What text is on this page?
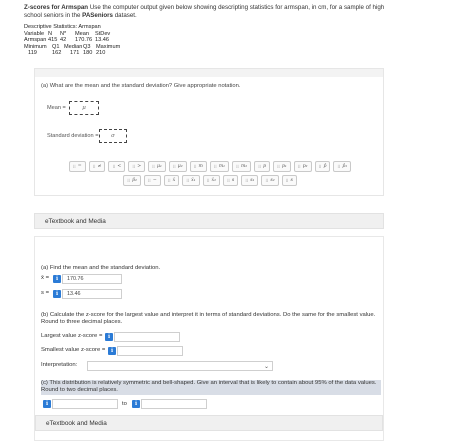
Z-scores for Armspan Use the computer output given below showing descripting statistics for armspan, in cm, for a sample of high school seniors in the PASeniors dataset.
Descriptive Statistics: Armspan
Variable N	N*	Mean	StDev
Armspan 415 42	170.76 13.46
Minimum Q1 Median Q3 Maximum
119	162	171 180 210
(a) What are the mean and the standard deviation? Give appropriate notation.
Mean =	μ
Standard deviation =	σ
⠿ =	⠿ ≠	⠿ <	⠿ >	⠿ μ₁	⠿ μ₂	⠿ m	⠿ m₁	⠿ m₂	⠿ p	⠿ p₁	⠿ p₂	⠿ p̂	⠿ p̂₁
⠿ p̂₂	⠿ −	⠿ x̄	⠿ x̄₁	⠿ x̄₂	⠿ s	⠿ s₁	⠿ s₂	⠿ s
eTextbook and Media
(a) Find the mean and the standard deviation.
x̄ =	i	170.76
s =	i	13.46
(b) Calculate the z-score for the largest value and interpret it in terms of standard deviations. Do the same for the smallest value. Round to three decimal places.
Largest value z-score =	i
Smallest value z-score =	i
Interpretation:	⌄
(c) This distribution is relatively symmetric and bell-shaped. Give an interval that is likely to contain about 95% of the data values. Round to two decimal places.
i	to	i
eTextbook and Media
